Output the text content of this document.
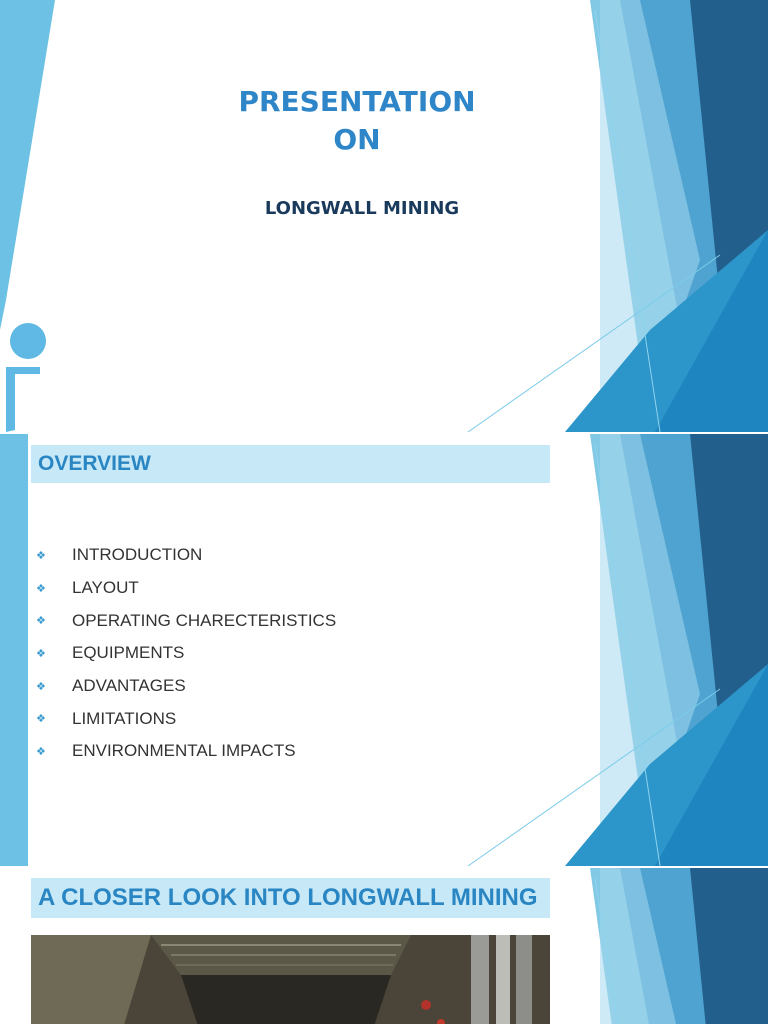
PRESENTATION
ON
LONGWALL MINING
OVERVIEW
❖	INTRODUCTION
❖	LAYOUT
❖	OPERATING CHARECTERISTICS
❖	EQUIPMENTS
❖	ADVANTAGES
❖	LIMITATIONS
❖	ENVIRONMENTAL IMPACTS
A CLOSER LOOK INTO LONGWALL MINING
